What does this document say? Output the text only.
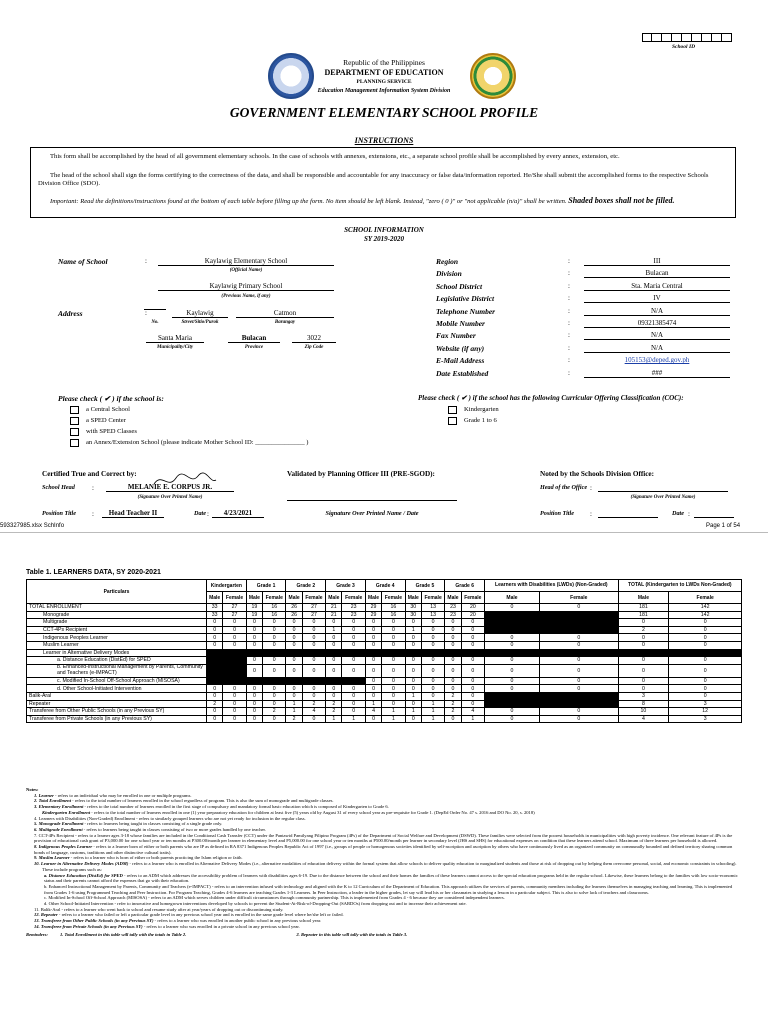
School ID
Republic of the Philippines
DEPARTMENT OF EDUCATION
PLANNING SERVICE
Education Management Information System Division
GOVERNMENT ELEMENTARY SCHOOL PROFILE
INSTRUCTIONS
This form shall be accomplished by the head of all government elementary schools. In the case of schools with annexes, extensions, etc., a separate school profile shall be accomplished by every annex, extension, etc.
The head of the school shall sign the forms certifying to the correctness of the data, and shall be responsible and accountable for any inaccuracy or false data/information reported. He/She shall submit the accomplished forms to the respective Schools Division Office (SDO).
Important: Read the definitions/instructions found at the bottom of each table before filling up the form. No item should be left blank. Instead, "zero ( 0 )" or "not applicable (n/a)" shall be written. Shaded boxes shall not be filled.
SCHOOL INFORMATION
SY 2019-2020
Name of School	:	Kaylawig Elementary School
(Official Name)
Kaylawig Primary School
(Previous Name, if any)
Address	:
No.
Kaylawig
Street/Sitio/Purok
Catmon
Barangay
Santa Maria
Municipality/City
Bulacan
Province
3022
Zip Code
Region	:	III
Division	:	Bulacan
School District	:	Sta. Maria Central
Legislative District	:	IV
Telephone Number	:	N/A
Mobile Number	:	09321385474
Fax Number	:	N/A
Website (if any)	:	N/A
E-Mail Address	:	105153@deped.gov.ph
Date Established	:	###
Please check ( ✔ ) if the school is:
a Central School
a SPED Center
with SPED Classes
an Annex/Extension School (please indicate Mother School ID: _______________ )
Please check ( ✔ ) if the school has the following Curricular Offering Classification (COC):
Kindergarten
Grade 1 to 6
Certified True and Correct by:	Validated by Planning Officer III (PRE-SGOD):	Noted by the Schools Division Office:
School Head :	MELANIE E. CORPUS JR.
(Signature Over Printed Name)
Head of the Office :
(Signature Over Printed Name)
Position Title :	Head Teacher II	Date :	4/23/2021	Signature Over Printed Name / Date	Position Title :	Date :
593327985.xlsx SchInfo	Page 1 of 54
Table 1. LEARNERS DATA, SY 2020-2021
Particulars	Kindergarten		Grade 1		Grade 2		Grade 3		Grade 4		Grade 5		Grade 6		Learners with Disabilities (LWDs) (Non-Graded)		TOTAL (Kindergarten to LWDs Non-Graded)	
	Male	Female	Male	Female	Male	Female	Male	Female	Male	Female	Male	Female	Male	Female	Male	Female	Male	Female
TOTAL ENROLLMENT	33	27	19	16	26	27	21	23	29	16	30	13	23	20	0	0	181	142
Monograde	33	27	19	16	26	27	21	23	29	16	30	13	23	20			181	142
Multigrade	0	0	0	0	0	0	0	0	0	0	0	0	0	0			0	0
CCT-4Ps Recipient	0	0	0	0	0	0	1	0	0	0	1	0	0	0			2	0
Indigenous Peoples Learner	0	0	0	0	0	0	0	0	0	0	0	0	0	0	0	0	0	0
Muslim Learner	0	0	0	0	0	0	0	0	0	0	0	0	0	0	0	0	0	0
Learner in Alternative Delivery Modes																		
a. Distance Education (DistEd) for SPED			0	0	0	0	0	0	0	0	0	0	0	0	0	0	0	0
b. Enhanced-Instructional Management by Parents, Community and Teachers (e-IMPACT)			0	0	0	0	0	0	0	0	0	0	0	0	0	0	0	0
c. Modified In-School Off-School Approach (MISOSA)									0	0	0	0	0	0	0	0	0	0
d. Other School-Initiated Intervention	0	0	0	0	0	0	0	0	0	0	0	0	0	0	0	0	0	0
Balik-Aral	0	0	0	0	0	0	0	0	0	0	1	0	2	0			3	0
Repeater	2	0	0	0	1	2	2	0	1	0	0	1	2	0			8	3
Transferee from Other Public Schools (in any Previous SY)	0	0	0	2	1	4	2	0	4	1	1	1	2	4	0	0	10	12
Transferee from Private Schools (in any Previous SY)	0	0	0	0	2	0	1	1	0	1	0	1	0	1	0	0	4	3

Notes:

1. Learner - refers to an individual who may be enrolled in one or multiple programs.

2. Total Enrollment - refers to the total number of learners enrolled in the school regardless of program. This is also the sum of monograde and multigrade classes.

3. Elementary Enrollment - refers to the total number of learners enrolled in the first stage of compulsory and mandatory formal basic education which is composed of Kindergarten to Grade 6.

Kindergarten Enrollment - refers to the total number of learners enrolled in one (1) year preparatory education for children at least five (5) years old by August 31 of every school year as pre-requisite for Grade 1. (DepEd Order No. 47 s. 2016 and DO No. 20, s. 2018)

4. Learners with Disabilities (Non-Graded) Enrollment - refers to similarly grouped learners who are not yet ready for inclusion in the regular class.

5. Monograde Enrollment - refers to learners being taught in classes consisting of a single grade only.

6. Multigrade Enrollment - refers to learners being taught in classes consisting of two or more grades handled by one teacher.

7. CCT-4Ps Recipient - refers to a learner ages 3-18 whose families are included in the Conditional Cash Transfer (CCT) under the Pantawid Pamilyang Pilipino Program (4Ps) of the Department of Social Welfare and Development (DSWD). These families were selected from the poorest households in municipalities with high poverty incidence. One relevant feature of 4Ps is the provision of educational cash grant of P3,000.00 for one school year or ten months at P300.00/month per learner in elementary level and P5,000.00 for one school year or ten months at P500.00/month per learner in secondary level (JHS and SHS) for educational expenses on condition that these learners attend school. Maximum of three learners per household is allowed.

8. Indigenous Peoples Learner - refers to a learner born of either or both parents who are IP as defined in RA 8371 Indigenous Peoples Republic Act of 1997 (i.e., groups of people or homogenous societies identified by self-ascription and ascription by others who have continuously lived as an organized community on communally bounded and defined territory sharing common bonds of language, customs, traditions and other distinctive cultural traits).

9. Muslim Learner - refers to a learner who is born of either or both parents practicing the Islam religion or faith.

10. Learner in Alternative Delivery Modes (ADM) - refers to a learner who is enrolled in Alternative Delivery Modes (i.e., alternative modalities of education delivery within the formal system that allow schools to deliver quality education to marginalized students and those at risk of dropping out by helping them overcome personal, social, and economic constraints in schooling).

These include programs such as:

a. Distance Education (DistEd) for SPED - refers to an ADM which addresses the accessibility problem of learners with disabilities ages 6-19. Due to the distance between the school and their homes the families of these learners cannot access to the special education programs held in the regular school. Likewise, these learners belong to the families with low socio-economic status and their parents cannot afford the expenses that go with their education.

b. Enhanced Instructional Management by Parents, Community and Teachers (e-IMPACT) - refers to an intervention infused with technology and aligned with the K to 12 Curriculum of the Department of Education. This approach utilizes the services of parents, community members including the learners themselves in managing teaching and learning. This is implemented from Grades 1-6 using Programmed Teaching and Peer Instruction. For Program Teaching, Grades 4-6 learners are teaching Grades 1-3 Learners. In Peer Instruction, a leader in the higher grades, let say will lead his or her classmates in studying a lesson in a particular subject. This is also to solve lack of teachers and classrooms.

c. Modified In-School Off-School Approach (MISOSA) - refers to an ADM which serves children under difficult circumstances through community partnership. This is implemented from Grades 4 - 6 because they are considered independent learners.

d. Other School-Initiated Intervention - refer to innovative and homegrown interventions developed by schools to prevent the Student-At-Risk-of-Dropping-Out (SARDOs) from dropping out and to increase their achievement rate.

11. Balik-Aral - refers to a learner who went back to school and resume study after at year/years of dropping out or discontinuing study.

12. Repeater - refers to a learner who failed or left a particular grade level in any previous school year and is enrolled in the same grade level where he/she left or failed.

13. Transferee from Other Public Schools (in any Previous SY) - refers to a learner who was enrolled in another public school in any previous school year.

14. Transferee from Private Schools (in any Previous SY) - refers to a learner who was enrolled in a private school in any previous school year.

Reminders:	1. Total Enrollment in this table will tally with the totals in Table 2.	2. Repeater in this table will tally with the totals in Table 3.
